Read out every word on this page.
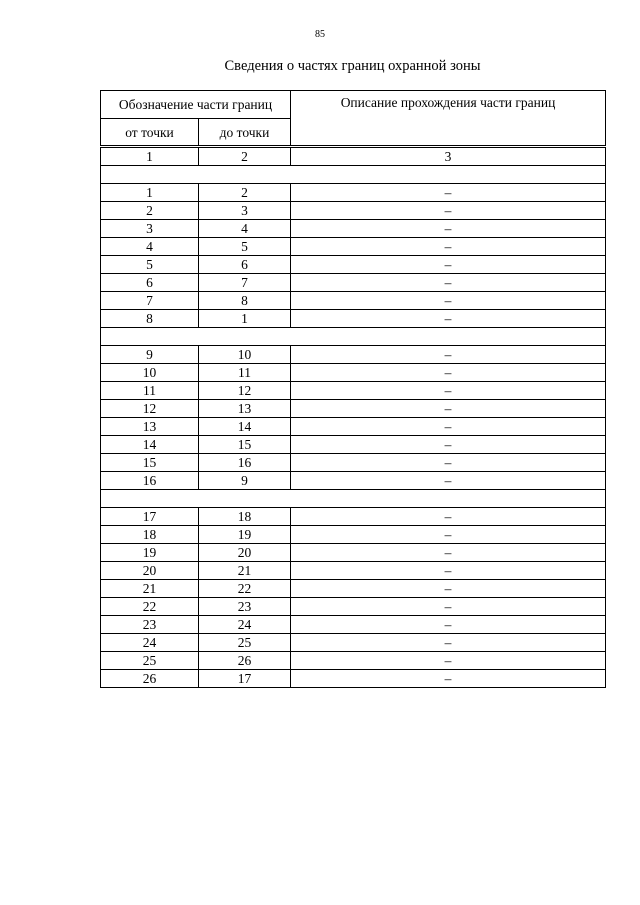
85
Сведения о частях границ охранной зоны
Обозначение части границ		Описание прохождения части границ
от точки	до точки	

1	2	3

1	2	–
2	3	–
3	4	–
4	5	–
5	6	–
6	7	–
7	8	–
8	1	–

9	10	–
10	11	–
11	12	–
12	13	–
13	14	–
14	15	–
15	16	–
16	9	–

17	18	–
18	19	–
19	20	–
20	21	–
21	22	–
22	23	–
23	24	–
24	25	–
25	26	–
26	17	–
